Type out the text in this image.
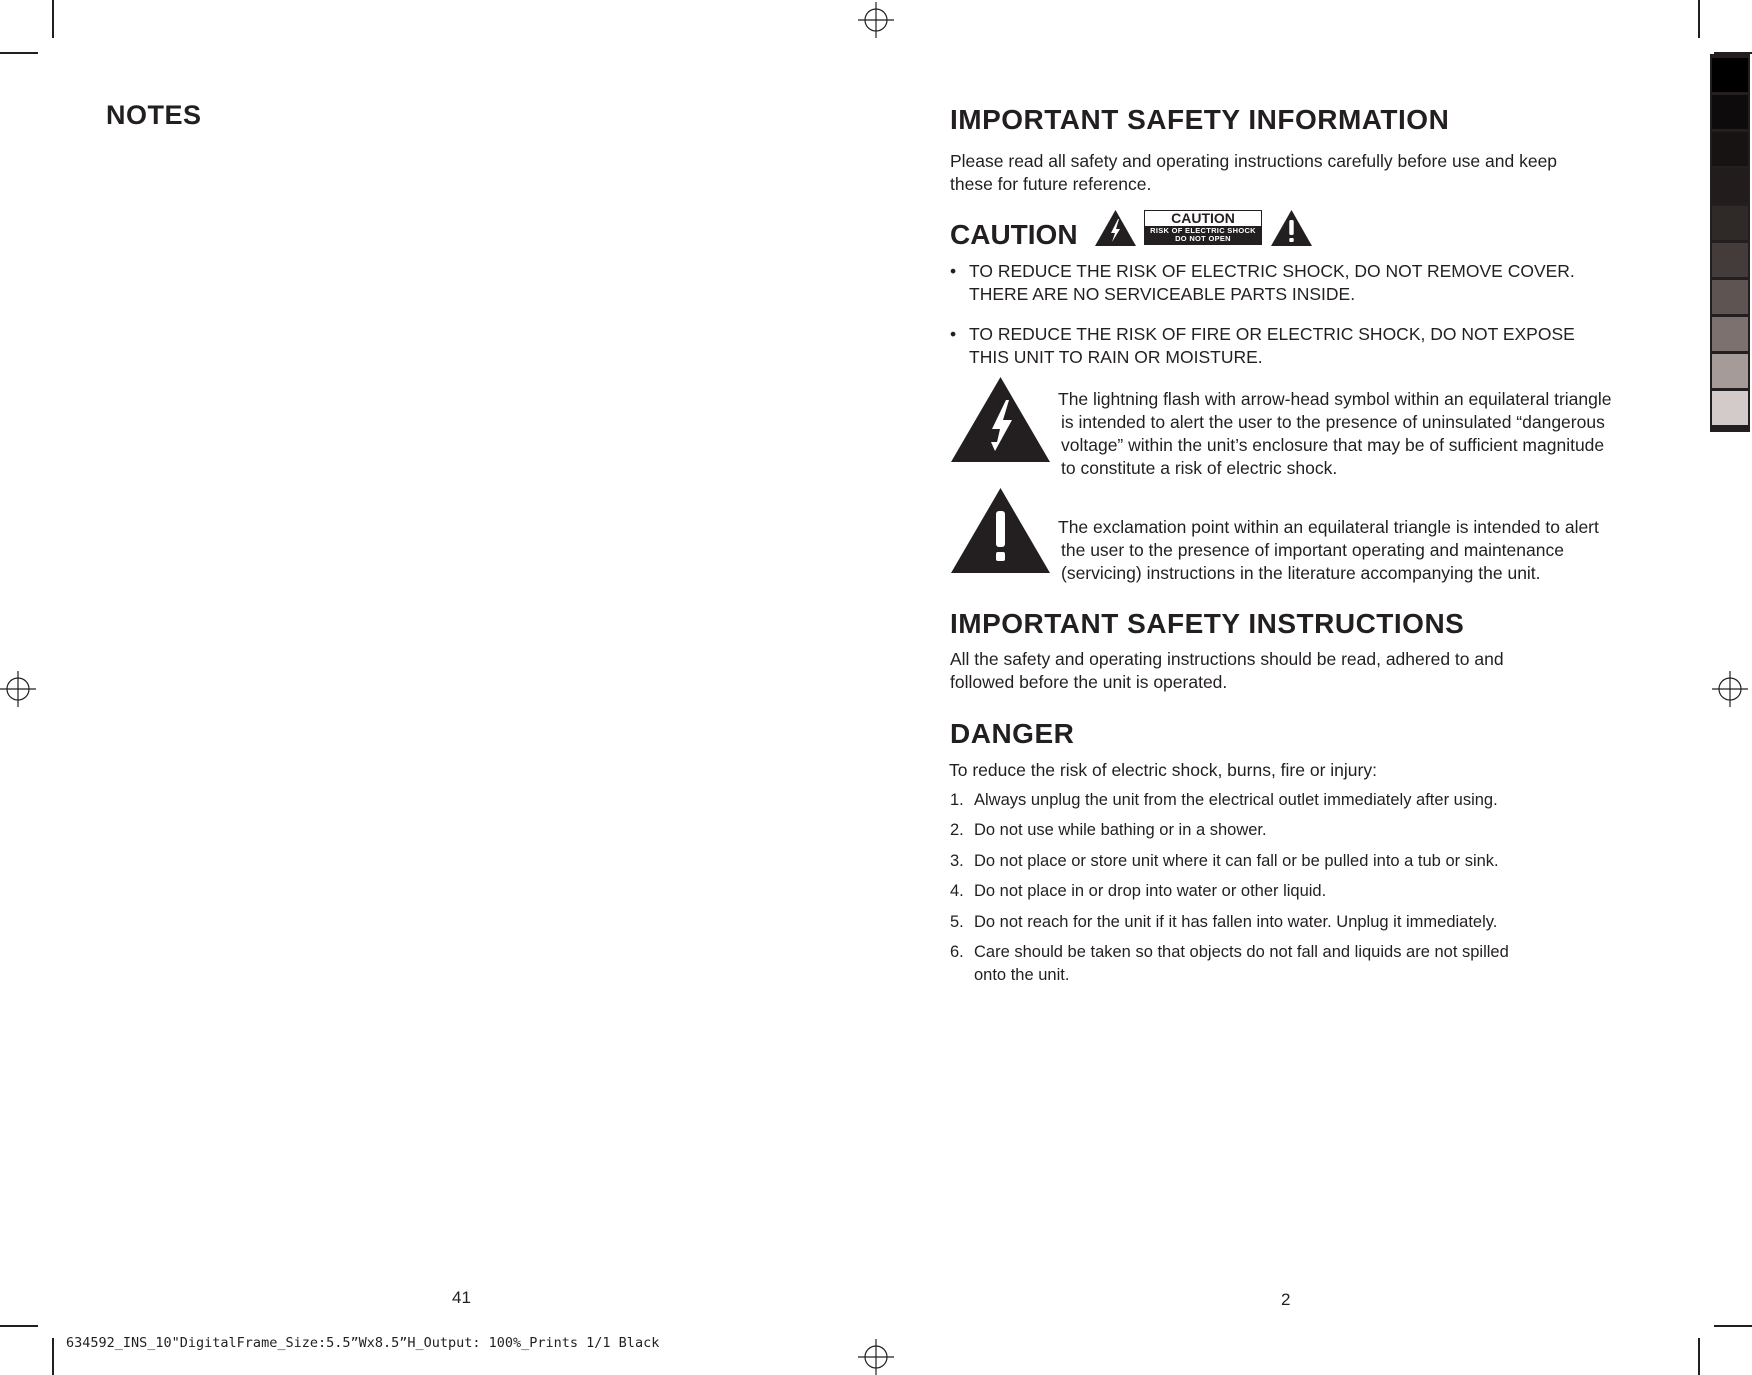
NOTES
41
IMPORTANT SAFETY INFORMATION
Please read all safety and operating instructions carefully before use and keep
these for future reference.
CAUTION
CAUTION
RISK OF ELECTRIC SHOCK
DO NOT OPEN
• TO REDUCE THE RISK OF ELECTRIC SHOCK, DO NOT REMOVE COVER.
THERE ARE NO SERVICEABLE PARTS INSIDE.
• TO REDUCE THE RISK OF FIRE OR ELECTRIC SHOCK, DO NOT EXPOSE
THIS UNIT TO RAIN OR MOISTURE.
The lightning flash with arrow-head symbol within an equilateral triangle
is intended to alert the user to the presence of uninsulated “dangerous
voltage” within the unit’s enclosure that may be of sufficient magnitude
to constitute a risk of electric shock.
The exclamation point within an equilateral triangle is intended to alert
the user to the presence of important operating and maintenance
(servicing) instructions in the literature accompanying the unit.
IMPORTANT SAFETY INSTRUCTIONS
All the safety and operating instructions should be read, adhered to and
followed before the unit is operated.
DANGER
To reduce the risk of electric shock, burns, fire or injury:
1. Always unplug the unit from the electrical outlet immediately after using.
2. Do not use while bathing or in a shower.
3. Do not place or store unit where it can fall or be pulled into a tub or sink.
4. Do not place in or drop into water or other liquid.
5. Do not reach for the unit if it has fallen into water. Unplug it immediately.
6. Care should be taken so that objects do not fall and liquids are not spilled
onto the unit.
2
634592_INS_10"DigitalFrame_Size:5.5”Wx8.5”H_Output: 100%_Prints 1/1 Black
